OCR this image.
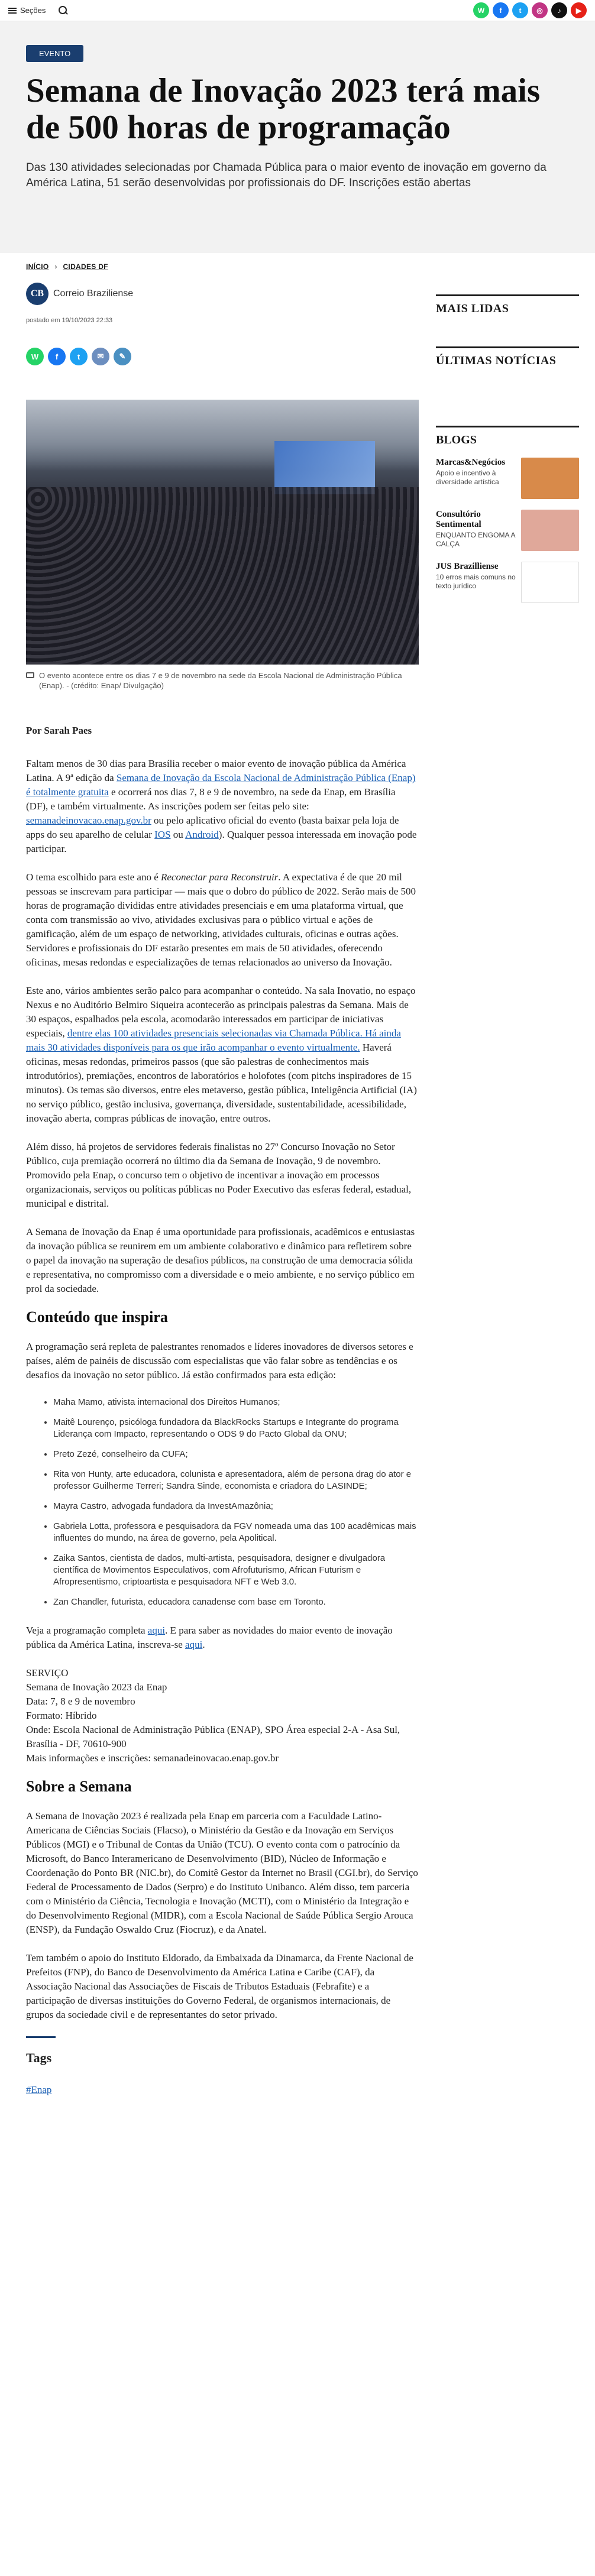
Seções	W	f	t	◎	♪	▶
EVENTO
Semana de Inovação 2023 terá mais de 500 horas de programação

Das 130 atividades selecionadas por Chamada Pública para o maior evento de inovação em governo da América Latina, 51 serão desenvolvidas por profissionais do DF. Inscrições estão abertas

INÍCIO › CIDADES DF
CB Correio Braziliense
postado em 19/10/2023 22:33
W	f	t	✉	✎
O evento acontece entre os dias 7 e 9 de novembro na sede da Escola Nacional de Administração Pública (Enap). - (crédito: Enap/ Divulgação)

Por Sarah Paes

Faltam menos de 30 dias para Brasília receber o maior evento de inovação pública da América Latina. A 9ª edição da Semana de Inovação da Escola Nacional de Administração Pública (Enap) é totalmente gratuita e ocorrerá nos dias 7, 8 e 9 de novembro, na sede da Enap, em Brasília (DF), e também virtualmente. As inscrições podem ser feitas pelo site: semanadeinovacao.enap.gov.br ou pelo aplicativo oficial do evento (basta baixar pela loja de apps do seu aparelho de celular IOS ou Android). Qualquer pessoa interessada em inovação pode participar.

O tema escolhido para este ano é Reconectar para Reconstruir. A expectativa é de que 20 mil pessoas se inscrevam para participar — mais que o dobro do público de 2022. Serão mais de 500 horas de programação divididas entre atividades presenciais e em uma plataforma virtual, que conta com transmissão ao vivo, atividades exclusivas para o público virtual e ações de gamificação, além de um espaço de networking, atividades culturais, oficinas e outras ações. Servidores e profissionais do DF estarão presentes em mais de 50 atividades, oferecendo oficinas, mesas redondas e especializações de temas relacionados ao universo da Inovação.

Este ano, vários ambientes serão palco para acompanhar o conteúdo. Na sala Inovatio, no espaço Nexus e no Auditório Belmiro Siqueira acontecerão as principais palestras da Semana. Mais de 30 espaços, espalhados pela escola, acomodarão interessados em participar de iniciativas especiais, dentre elas 100 atividades presenciais selecionadas via Chamada Pública. Há ainda mais 30 atividades disponíveis para os que irão acompanhar o evento virtualmente. Haverá oficinas, mesas redondas, primeiros passos (que são palestras de conhecimentos mais introdutórios), premiações, encontros de laboratórios e holofotes (com pitchs inspiradores de 15 minutos). Os temas são diversos, entre eles metaverso, gestão pública, Inteligência Artificial (IA) no serviço público, gestão inclusiva, governança, diversidade, sustentabilidade, acessibilidade, inovação aberta, compras públicas de inovação, entre outros.

Além disso, há projetos de servidores federais finalistas no 27º Concurso Inovação no Setor Público, cuja premiação ocorrerá no último dia da Semana de Inovação, 9 de novembro. Promovido pela Enap, o concurso tem o objetivo de incentivar a inovação em processos organizacionais, serviços ou políticas públicas no Poder Executivo das esferas federal, estadual, municipal e distrital.

A Semana de Inovação da Enap é uma oportunidade para profissionais, acadêmicos e entusiastas da inovação pública se reunirem em um ambiente colaborativo e dinâmico para refletirem sobre o papel da inovação na superação de desafios públicos, na construção de uma democracia sólida e representativa, no compromisso com a diversidade e o meio ambiente, e no serviço público em prol da sociedade.

Conteúdo que inspira

A programação será repleta de palestrantes renomados e líderes inovadores de diversos setores e países, além de painéis de discussão com especialistas que vão falar sobre as tendências e os desafios da inovação no setor público. Já estão confirmados para esta edição:

• Maha Mamo, ativista internacional dos Direitos Humanos;
• Maitê Lourenço, psicóloga fundadora da BlackRocks Startups e Integrante do programa Liderança com Impacto, representando o ODS 9 do Pacto Global da ONU;
• Preto Zezé, conselheiro da CUFA;
• Rita von Hunty, arte educadora, colunista e apresentadora, além de persona drag do ator e professor Guilherme Terreri; Sandra Sinde, economista e criadora do LASINDE;
• Mayra Castro, advogada fundadora da InvestAmazônia;
• Gabriela Lotta, professora e pesquisadora da FGV nomeada uma das 100 acadêmicas mais influentes do mundo, na área de governo, pela Apolitical.
• Zaika Santos, cientista de dados, multi-artista, pesquisadora, designer e divulgadora científica de Movimentos Especulativos, com Afrofuturismo, African Futurism e Afropresentismo, criptoartista e pesquisadora NFT e Web 3.0.
• Zan Chandler, futurista, educadora canadense com base em Toronto.

Veja a programação completa aqui. E para saber as novidades do maior evento de inovação pública da América Latina, inscreva-se aqui.

SERVIÇO

Semana de Inovação 2023 da Enap

Data: 7, 8 e 9 de novembro

Formato: Híbrido

Onde: Escola Nacional de Administração Pública (ENAP), SPO Área especial 2-A - Asa Sul, Brasília - DF, 70610-900

Mais informações e inscrições: semanadeinovacao.enap.gov.br

Sobre a Semana

A Semana de Inovação 2023 é realizada pela Enap em parceria com a Faculdade Latino-Americana de Ciências Sociais (Flacso), o Ministério da Gestão e da Inovação em Serviços Públicos (MGI) e o Tribunal de Contas da União (TCU). O evento conta com o patrocínio da Microsoft, do Banco Interamericano de Desenvolvimento (BID), Núcleo de Informação e Coordenação do Ponto BR (NIC.br), do Comitê Gestor da Internet no Brasil (CGI.br), do Serviço Federal de Processamento de Dados (Serpro) e do Instituto Unibanco. Além disso, tem parceria com o Ministério da Ciência, Tecnologia e Inovação (MCTI), com o Ministério da Integração e do Desenvolvimento Regional (MIDR), com a Escola Nacional de Saúde Pública Sergio Arouca (ENSP), da Fundação Oswaldo Cruz (Fiocruz), e da Anatel.

Tem também o apoio do Instituto Eldorado, da Embaixada da Dinamarca, da Frente Nacional de Prefeitos (FNP), do Banco de Desenvolvimento da América Latina e Caribe (CAF), da Associação Nacional das Associações de Fiscais de Tributos Estaduais (Febrafite) e a participação de diversas instituições do Governo Federal, de organismos internacionais, de grupos da sociedade civil e de representantes do setor privado.

Tags
#Enap
MAIS LIDAS
ÚLTIMAS NOTÍCIAS
BLOGS
Marcas&Negócios
Apoio e incentivo à diversidade artística
Consultório Sentimental
ENQUANTO ENGOMA A CALÇA
JUS Brazilliense
10 erros mais comuns no texto jurídico
